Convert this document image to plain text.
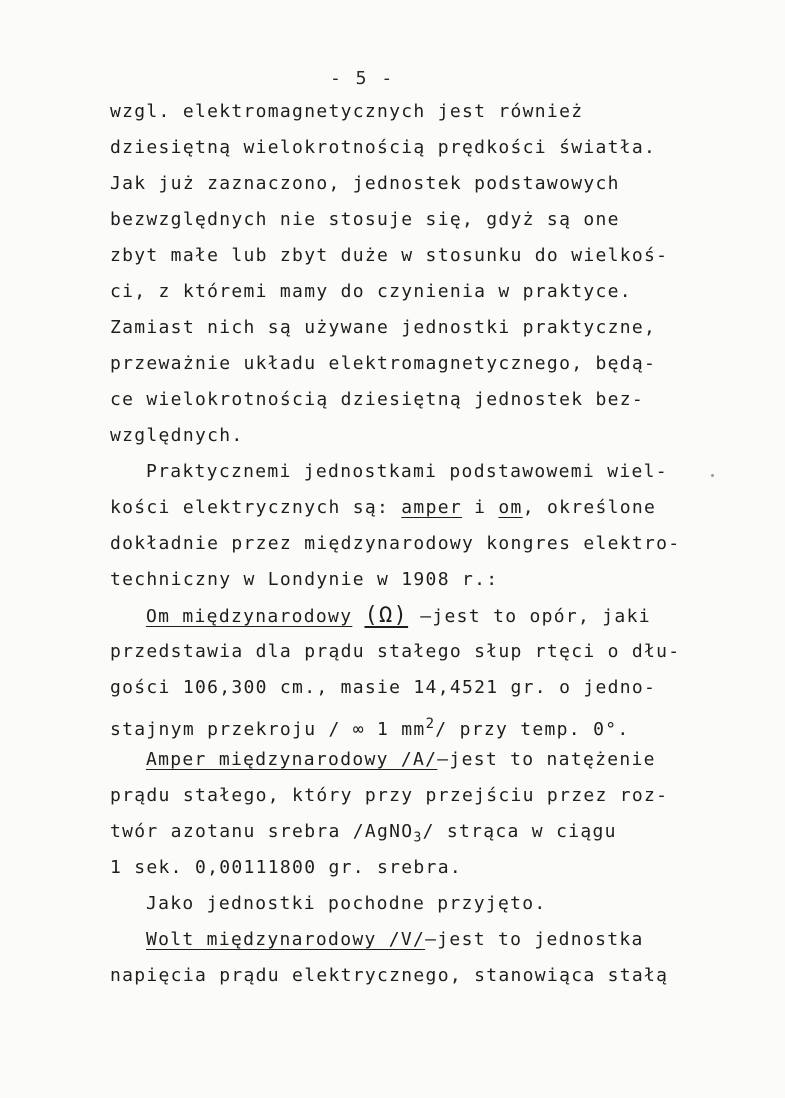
- 5 -
wzgl. elektromagnetycznych jest również
dziesiętną wielokrotnością prędkości światła.
Jak już zaznaczono, jednostek podstawowych
bezwzględnych nie stosuje się, gdyż są one
zbyt małe lub zbyt duże w stosunku do wielkoś-
ci, z któremi mamy do czynienia w praktyce.
Zamiast nich są używane jednostki praktyczne,
przeważnie układu elektromagnetycznego, będą-
ce wielokrotnością dziesiętną jednostek bez-
względnych.
Praktycznemi jednostkami podstawowemi wiel-
kości elektrycznych są: amper i om, określone
dokładnie przez międzynarodowy kongres elektro-
techniczny w Londynie w 1908 r.:
Om międzynarodowy (Ω) —jest to opór, jaki
przedstawia dla prądu stałego słup rtęci o dłu-
gości 106,300 cm., masie 14,4521 gr. o jedno-
stajnym przekroju / ∞ 1 $mm^2/$ przy temp. 0°.
Amper międzynarodowy /A/—jest to natężenie
prądu stałego, który przy przejściu przez roz-
twór azotanu srebra /AgNO$_3$/ strąca w ciągu
1 sek. 0,00111800 gr. srebra.
Jako jednostki pochodne przyjęto.
Wolt międzynarodowy /V/—jest to jednostka
napięcia prądu elektrycznego, stanowiąca stałą
